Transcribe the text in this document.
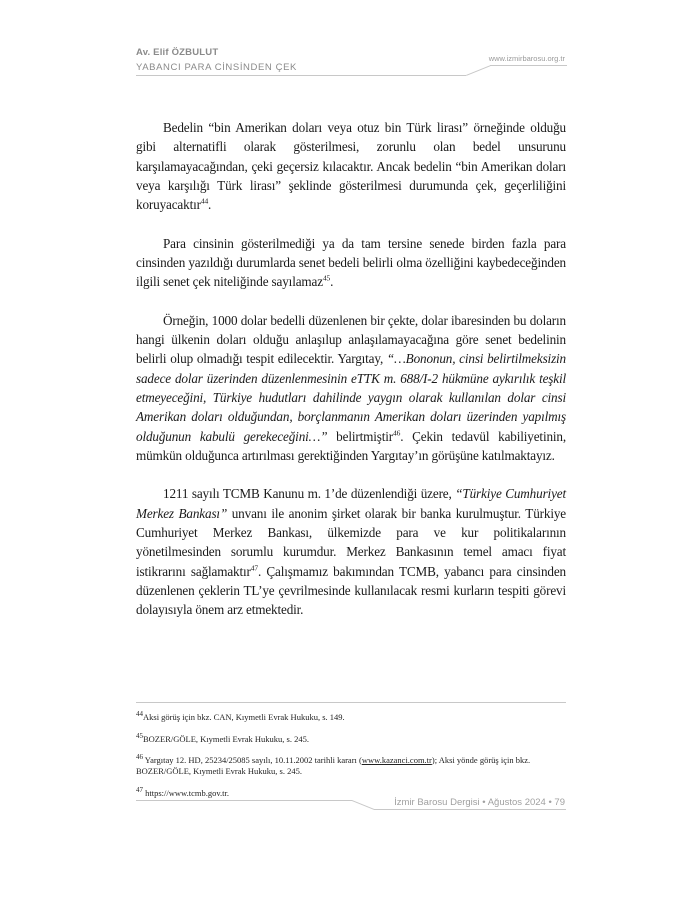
Av. Elif ÖZBULUT
YABANCI PARA CİNSİNDEN ÇEK
www.izmirbarosu.org.tr

Bedelin “bin Amerikan doları veya otuz bin Türk lirası” örneğinde olduğu gibi alternatifli olarak gösterilmesi, zorunlu olan bedel unsurunu karşılamayacağından, çeki geçersiz kılacaktır. Ancak bedelin “bin Amerikan doları veya karşılığı Türk lirası” şeklinde gösterilmesi durumunda çek, geçerliliğini koruyacaktır$^{44}$.

Para cinsinin gösterilmediği ya da tam tersine senede birden fazla para cinsinden yazıldığı durumlarda senet bedeli belirli olma özelliğini kaybedeceğinden ilgili senet çek niteliğinde sayılamaz$^{45}$.

Örneğin, 1000 dolar bedelli düzenlenen bir çekte, dolar ibaresinden bu doların hangi ülkenin doları olduğu anlaşılup anlaşılamayacağına göre senet bedelinin belirli olup olmadığı tespit edilecektir. Yargıtay, “…Bononun, cinsi belirtilmeksizin sadece dolar üzerinden düzenlenmesinin eTTK m. 688/I-2 hükmüne aykırılık teşkil etmeyeceğini, Türkiye hudutları dahilinde yaygın olarak kullanılan dolar cinsi Amerikan doları olduğundan, borçlanmanın Amerikan doları üzerinden yapılmış olduğunun kabulü gerekeceğini…” belirtmiştir$^{46}$. Çekin tedavül kabiliyetinin, mümkün olduğunca artırılması gerektiğinden Yargıtay’ın görüşüne katılmaktayız.

1211 sayılı TCMB Kanunu m. 1’de düzenlendiği üzere, “Türkiye Cumhuriyet Merkez Bankası” unvanı ile anonim şirket olarak bir banka kurulmuştur. Türkiye Cumhuriyet Merkez Bankası, ülkemizde para ve kur politikalarının yönetilmesinden sorumlu kurumdur. Merkez Bankasının temel amacı fiyat istikrarını sağlamaktır$^{47}$. Çalışmamız bakımından TCMB, yabancı para cinsinden düzenlenen çeklerin TL’ye çevrilmesinde kullanılacak resmi kurların tespiti görevi dolayısıyla önem arz etmektedir.

$^{44}$Aksi görüş için bkz. CAN, Kıymetli Evrak Hukuku, s. 149.
$^{45}$BOZER/GÖLE, Kıymetli Evrak Hukuku, s. 245.
$^{46}$ Yargıtay 12. HD, 25234/25085 sayılı, 10.11.2002 tarihli kararı (www.kazanci.com.tr); Aksi yönde görüş için bkz. BOZER/GÖLE, Kıymetli Evrak Hukuku, s. 245.
$^{47}$ https://www.tcmb.gov.tr.
İzmir Barosu Dergisi • Ağustos 2024 • 79
